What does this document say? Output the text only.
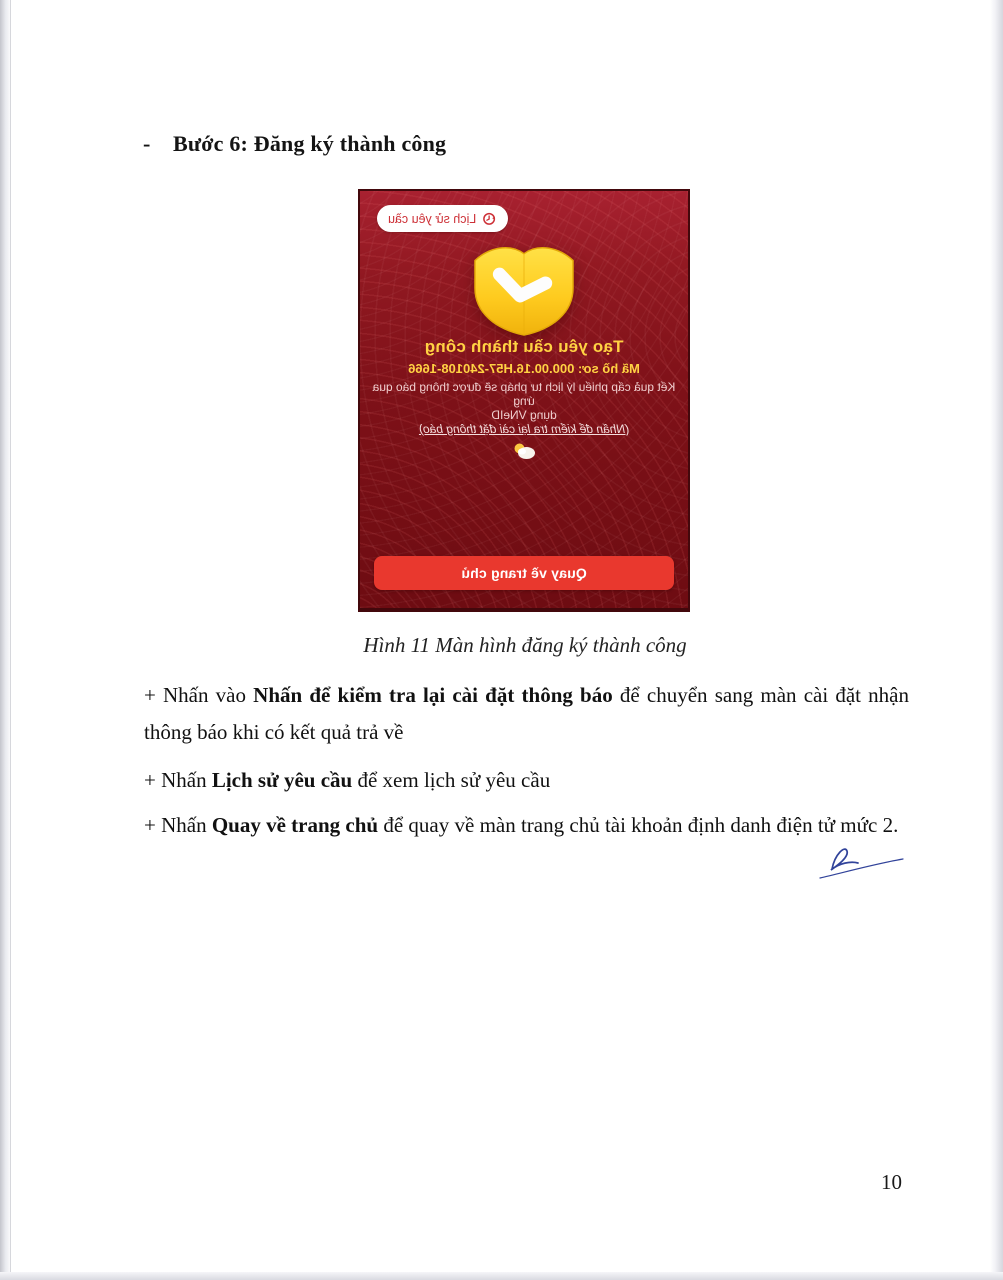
- Bước 6: Đăng ký thành công
Lịch sử yêu cầu
Tạo yêu cầu thành công
Mã hồ sơ: 000.00.16.H57-240108-1666
Kết quả cấp phiếu lý lịch tư pháp sẽ được thông báo qua ứng
dụng VNeID
(Nhấn để kiểm tra lại cài đặt thông báo)
Quay về trang chủ
Hình 11 Màn hình đăng ký thành công

+ Nhấn vào Nhấn để kiểm tra lại cài đặt thông báo để chuyển sang màn cài đặt nhận thông báo khi có kết quả trả về

+ Nhấn Lịch sử yêu cầu để xem lịch sử yêu cầu

+ Nhấn Quay về trang chủ để quay về màn trang chủ tài khoản định danh điện tử mức 2.

10
